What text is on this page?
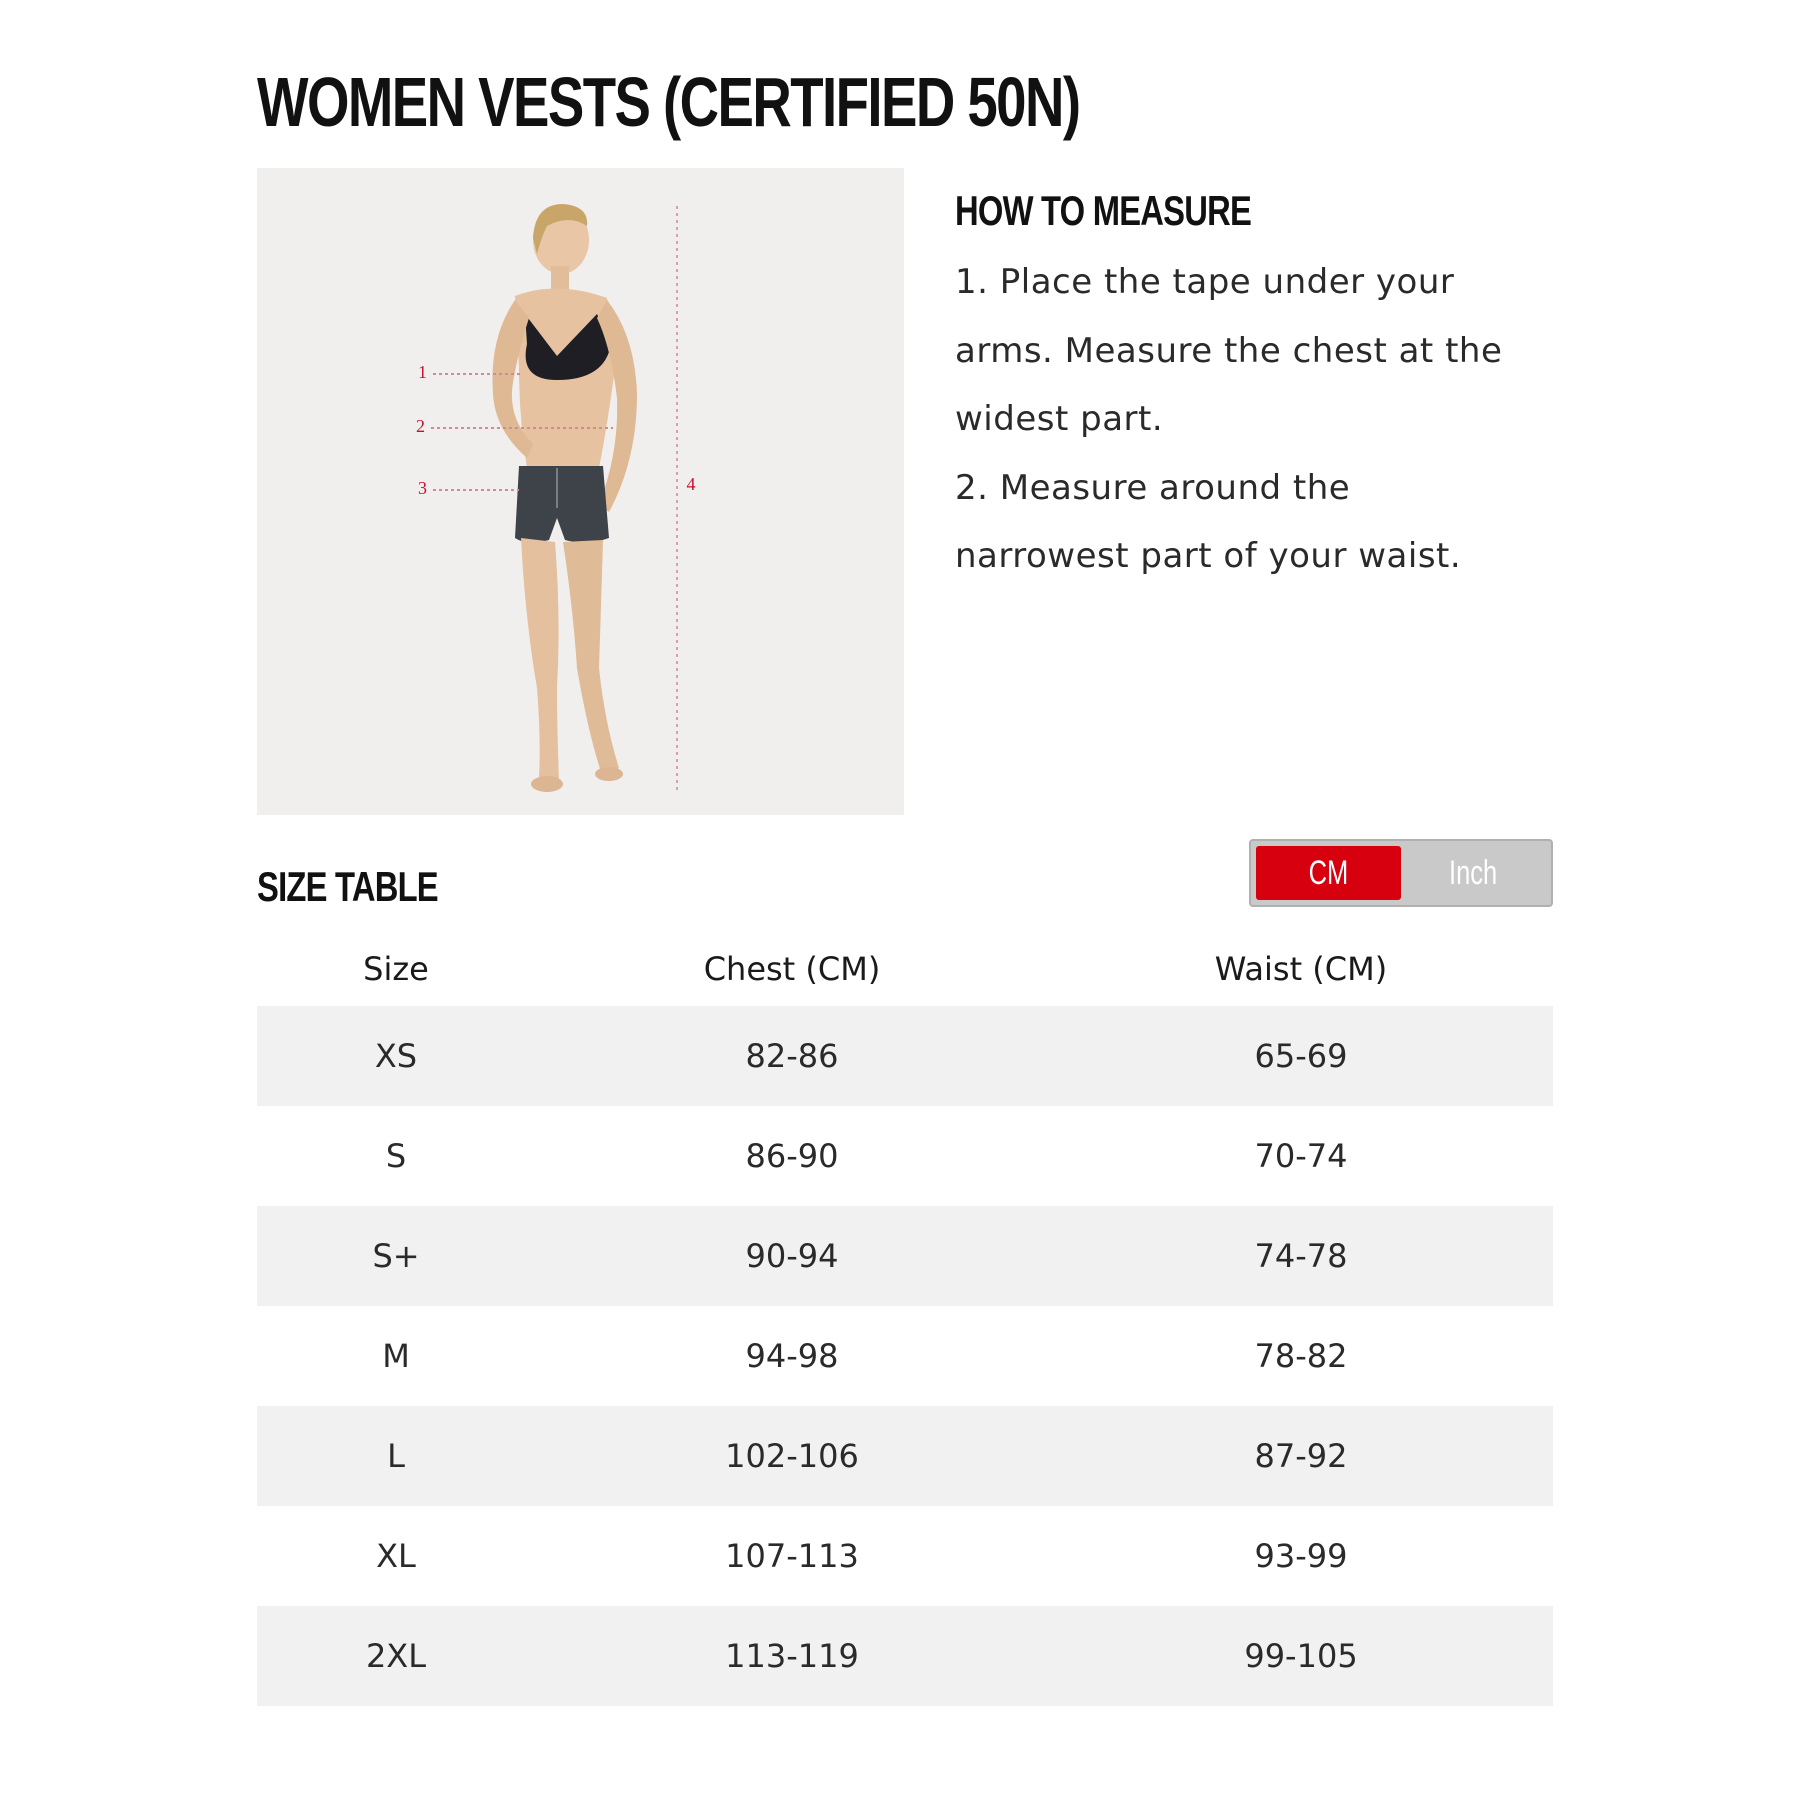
WOMEN VESTS (CERTIFIED 50N)
1
2
3	4
HOW TO MEASURE

1. Place the tape under your
arms. Measure the chest at the
widest part.

2. Measure around the
narrowest part of your waist.

SIZE TABLE	CM	Inch
Size	Chest (CM)	Waist (CM)
XS	82-86	65-69
S	86-90	70-74
S+	90-94	74-78
M	94-98	78-82
L	102-106	87-92
XL	107-113	93-99
2XL	113-119	99-105
